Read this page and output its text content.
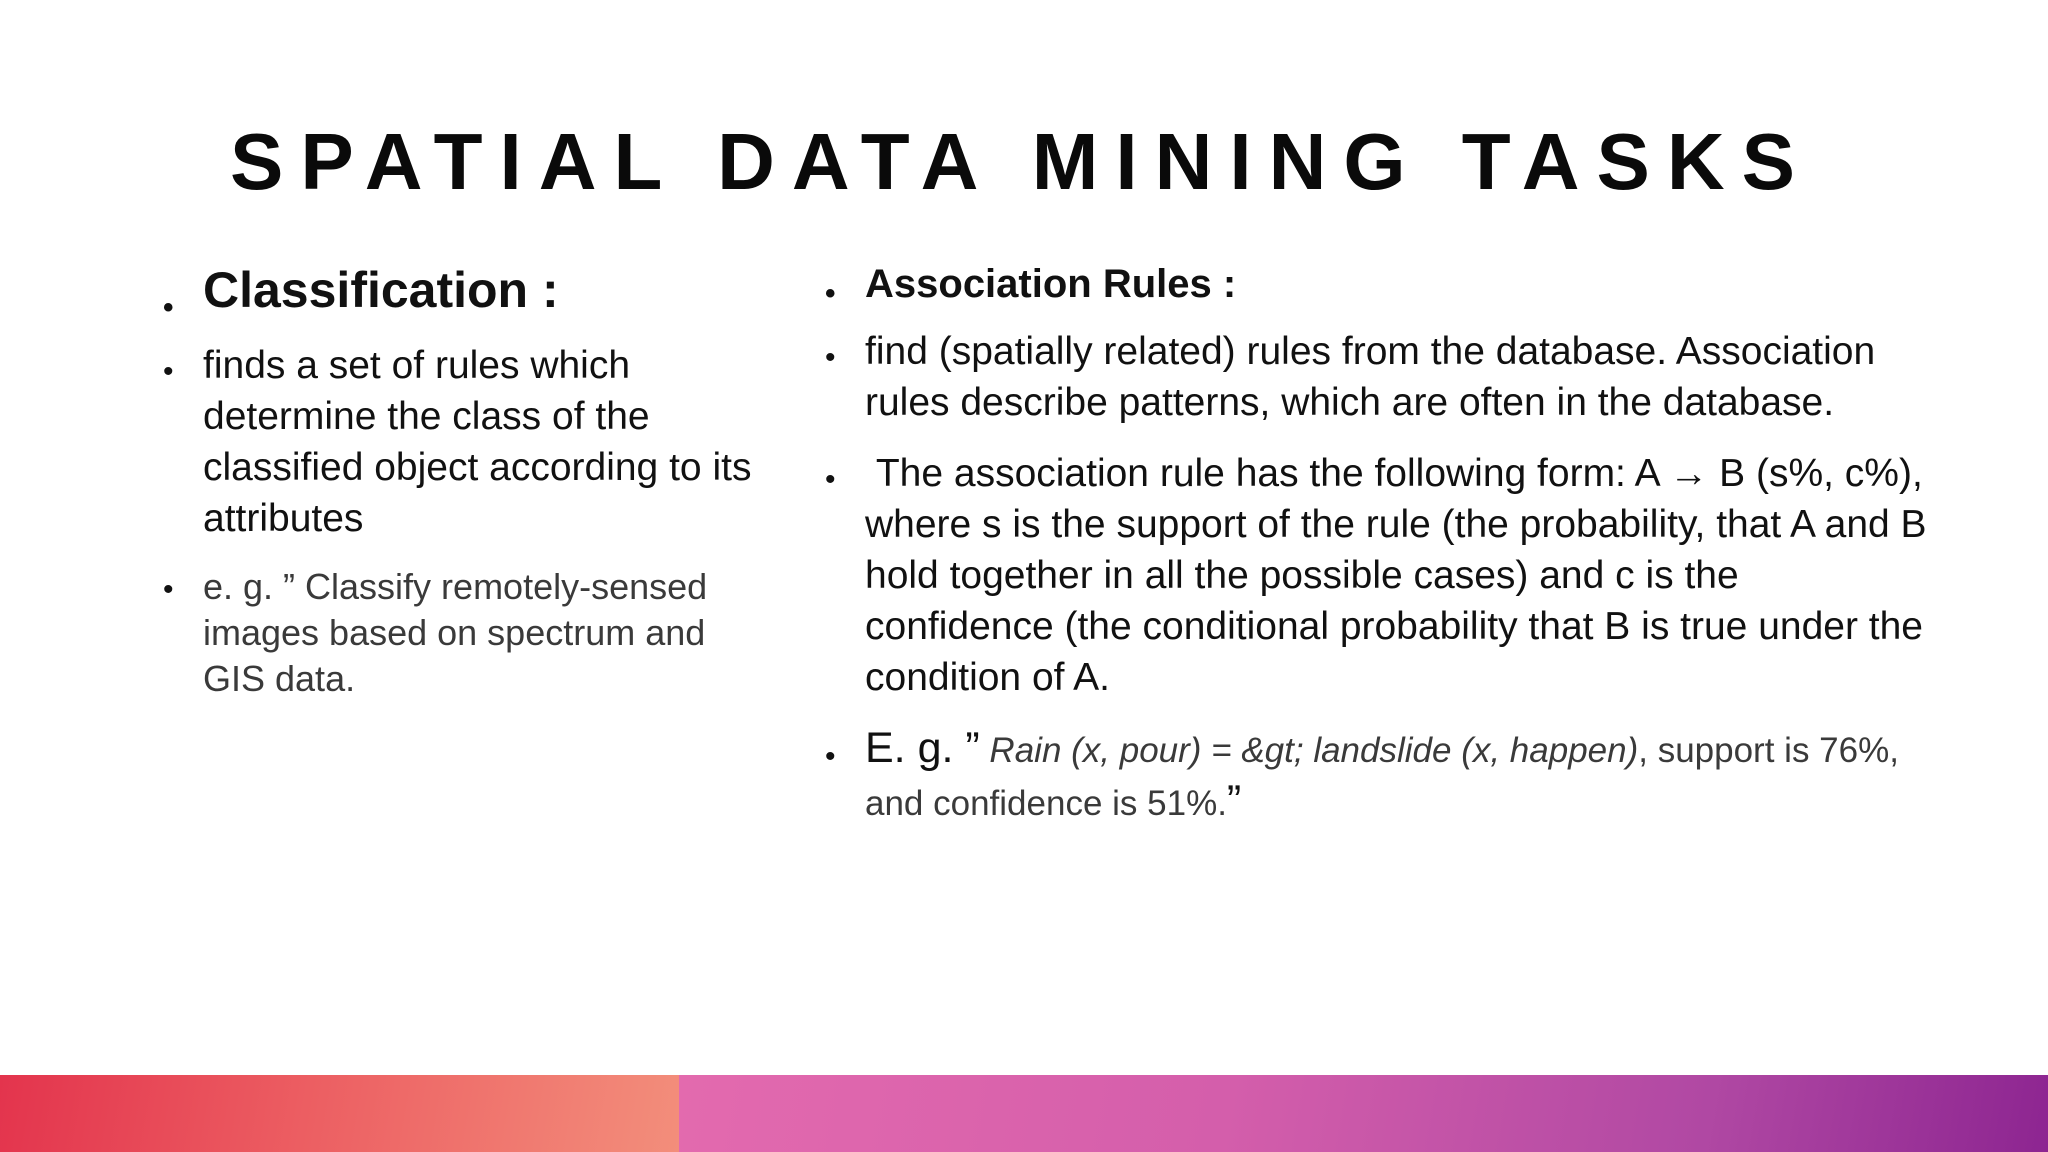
SPATIAL DATA MINING TASKS
• Classification :
• finds a set of rules which determine the class of the classified object according to its attributes
• e. g. ” Classify remotely-sensed images based on spectrum and GIS data.
• Association Rules :
• find (spatially related) rules from the database. Association rules describe patterns, which are often in the database.
• The association rule has the following form: A → B (s%, c%), where s is the support of the rule (the probability, that A and B hold together in all the possible cases) and c is the confidence (the conditional probability that B is true under the condition of A.
• E. g. ” Rain (x, pour) = &gt; landslide (x, happen), support is 76%, and confidence is 51%.”
